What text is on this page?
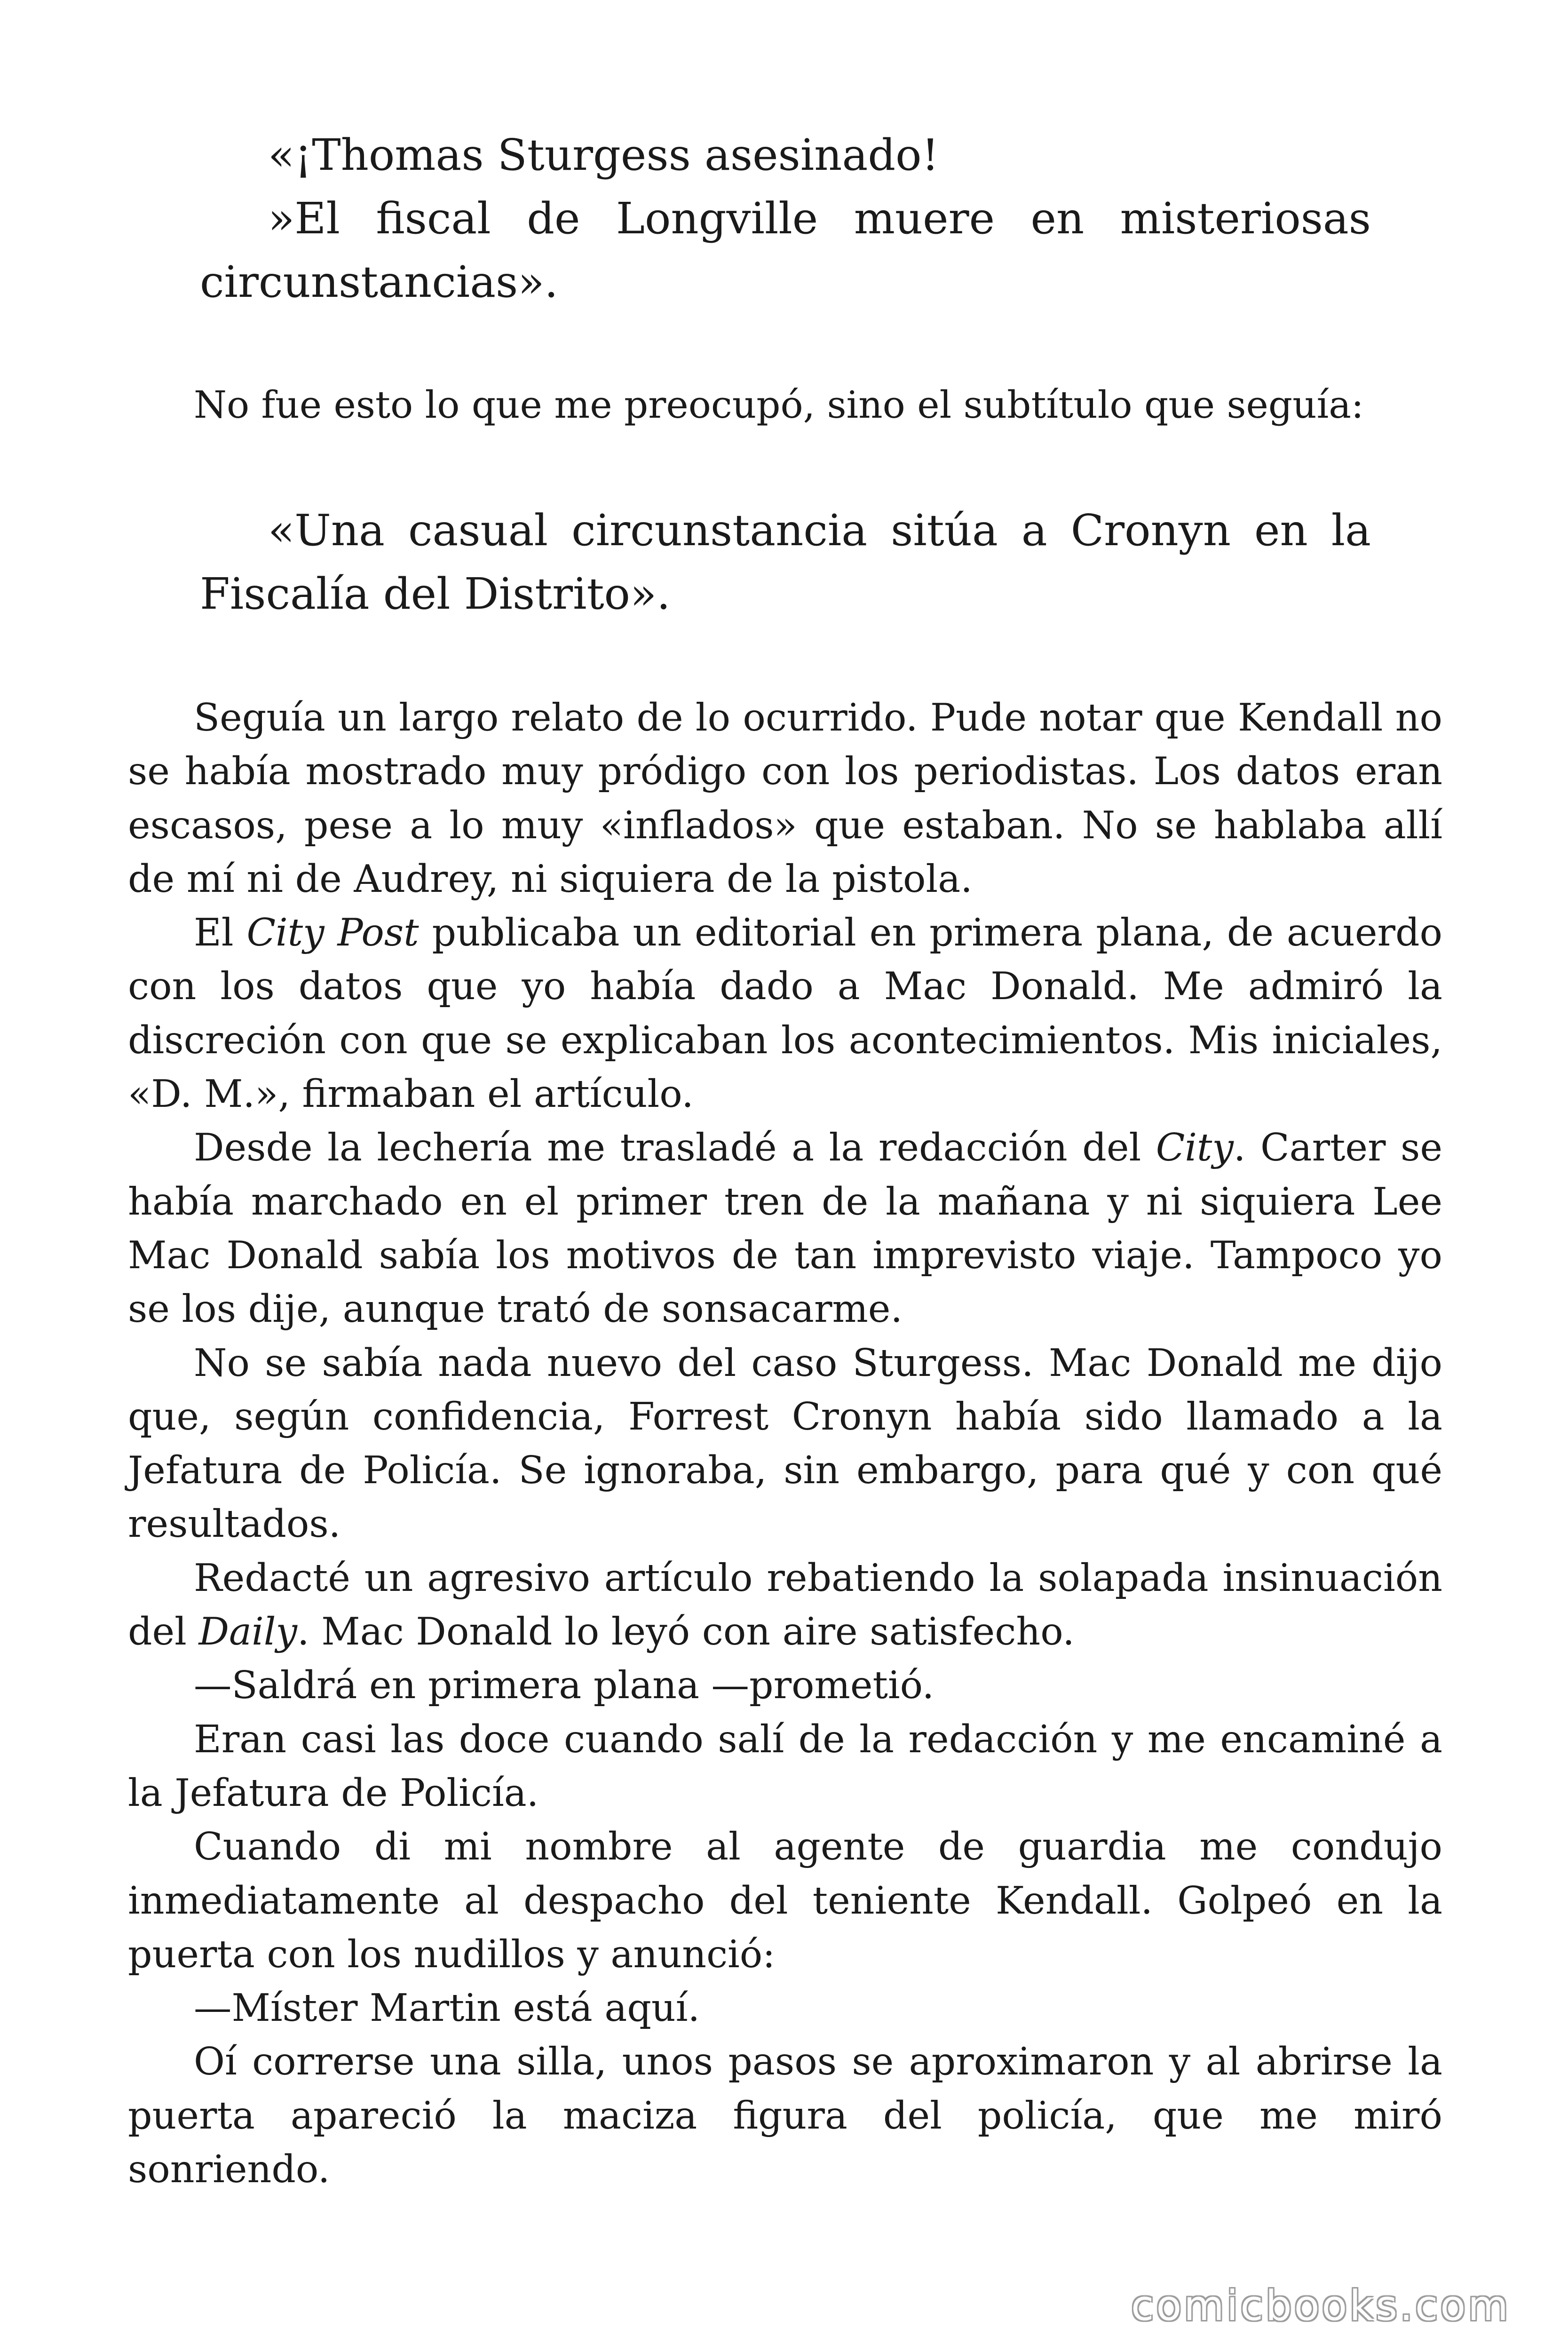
«¡Thomas Sturgess asesinado!

»El fiscal de Longville muere en misteriosas circunstancias».

No fue esto lo que me preocupó, sino el subtítulo que seguía:

«Una casual circunstancia sitúa a Cronyn en la Fiscalía del Distrito».

Seguía un largo relato de lo ocurrido. Pude notar que Kendall no se había mostrado muy pródigo con los periodistas. Los datos eran escasos, pese a lo muy «inflados» que estaban. No se hablaba allí de mí ni de Audrey, ni siquiera de la pistola.

El City Post publicaba un editorial en primera plana, de acuerdo con los datos que yo había dado a Mac Donald. Me admiró la discreción con que se explicaban los acontecimientos. Mis iniciales, «D. M.», firmaban el artículo.

Desde la lechería me trasladé a la redacción del City. Carter se había marchado en el primer tren de la mañana y ni siquiera Lee Mac Donald sabía los motivos de tan imprevisto viaje. Tampoco yo se los dije, aunque trató de sonsacarme.

No se sabía nada nuevo del caso Sturgess. Mac Donald me dijo que, según confidencia, Forrest Cronyn había sido llamado a la Jefatura de Policía. Se ignoraba, sin embargo, para qué y con qué resultados.

Redacté un agresivo artículo rebatiendo la solapada insinuación del Daily. Mac Donald lo leyó con aire satisfecho.

—Saldrá en primera plana —prometió.

Eran casi las doce cuando salí de la redacción y me encaminé a la Jefatura de Policía.

Cuando di mi nombre al agente de guardia me condujo inmediatamente al despacho del teniente Kendall. Golpeó en la puerta con los nudillos y anunció:

—Míster Martin está aquí.

Oí correrse una silla, unos pasos se aproximaron y al abrirse la puerta apareció la maciza figura del policía, que me miró sonriendo.

comicbooks.com
